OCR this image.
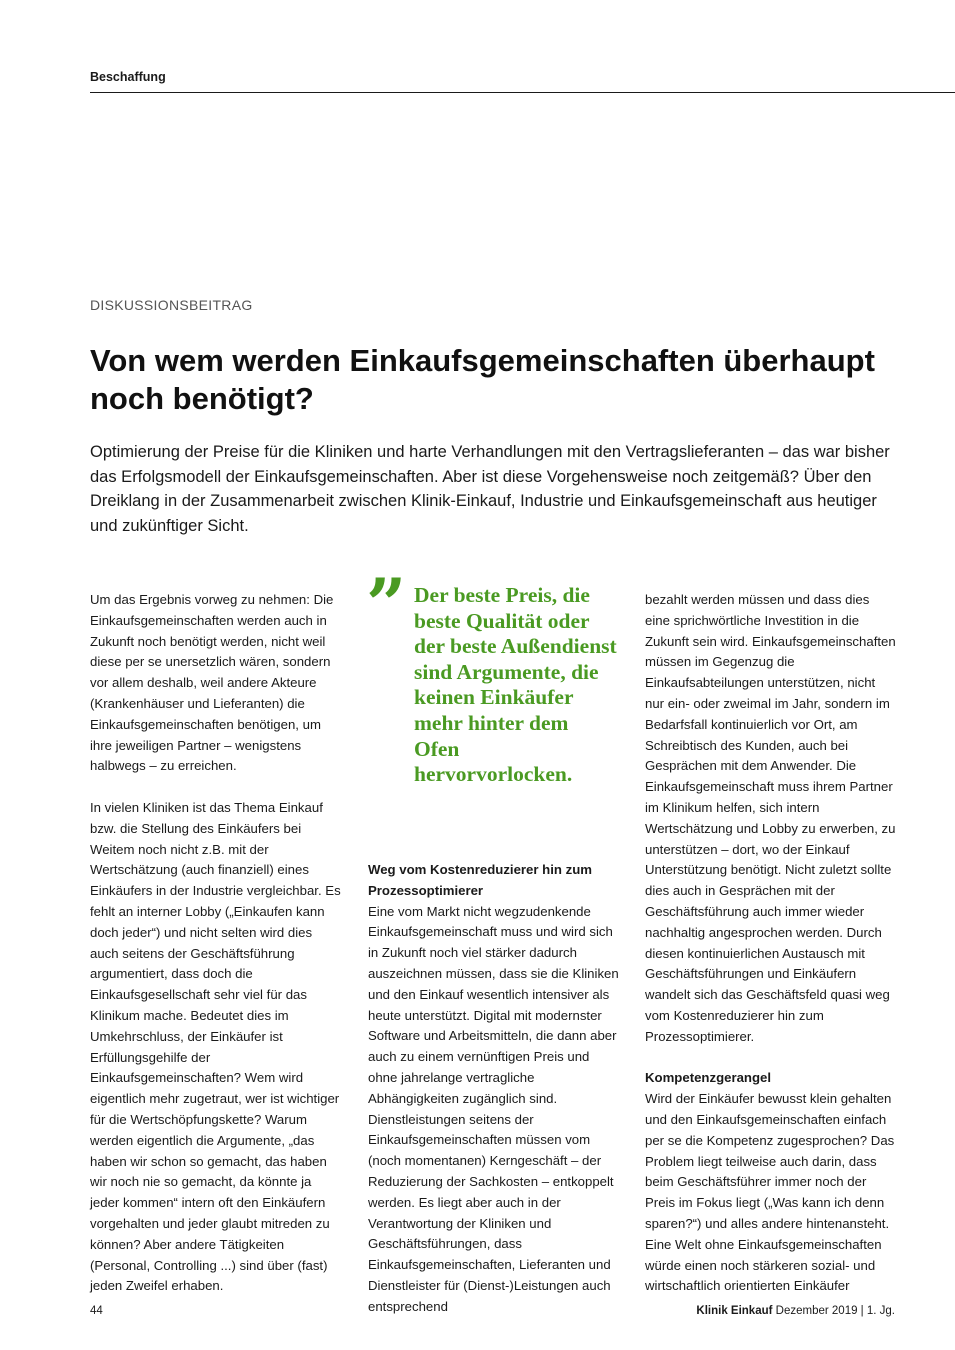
Beschaffung
DISKUSSIONSBEITRAG
Von wem werden Einkaufsgemeinschaften überhaupt noch benötigt?

Optimierung der Preise für die Kliniken und harte Verhandlungen mit den Vertragslieferanten – das war bisher das Erfolgsmodell der Einkaufsgemeinschaften. Aber ist diese Vorgehensweise noch zeitgemäß? Über den Dreiklang in der Zusammenarbeit zwischen Klinik-Einkauf, Industrie und Einkaufsgemeinschaft aus heutiger und zukünftiger Sicht.

Um das Ergebnis vorweg zu nehmen: Die Einkaufsgemeinschaften werden auch in Zukunft noch benötigt werden, nicht weil diese per se unersetzlich wären, sondern vor allem deshalb, weil andere Akteure (Krankenhäuser und Lieferanten) die Einkaufsgemeinschaften benötigen, um ihre jeweiligen Partner – wenigstens halbwegs – zu erreichen.

In vielen Kliniken ist das Thema Einkauf bzw. die Stellung des Einkäufers bei Weitem noch nicht z.B. mit der Wertschätzung (auch finanziell) eines Einkäufers in der Industrie vergleichbar. Es fehlt an interner Lobby („Einkaufen kann doch jeder“) und nicht selten wird dies auch seitens der Geschäftsführung argumentiert, dass doch die Einkaufsgesellschaft sehr viel für das Klinikum mache. Bedeutet dies im Umkehrschluss, der Einkäufer ist Erfüllungsgehilfe der Einkaufsgemeinschaften? Wem wird eigentlich mehr zugetraut, wer ist wichtiger für die Wertschöpfungskette? Warum werden eigentlich die Argumente, „das haben wir schon so gemacht, das haben wir noch nie so gemacht, da könnte ja jeder kommen“ intern oft den Einkäufern vorgehalten und jeder glaubt mitreden zu können? Aber andere Tätigkeiten (Personal, Controlling ...) sind über (fast) jeden Zweifel erhaben.

” Der beste Preis, die beste Qualität oder der beste Außendienst sind Argumente, die keinen Einkäufer mehr hinter dem Ofen hervorvorlocken.

Weg vom Kostenreduzierer hin zum Prozessoptimierer

Eine vom Markt nicht wegzudenkende Einkaufsgemeinschaft muss und wird sich in Zukunft noch viel stärker dadurch auszeichnen müssen, dass sie die Kliniken und den Einkauf wesentlich intensiver als heute unterstützt. Digital mit modernster Software und Arbeitsmitteln, die dann aber auch zu einem vernünftigen Preis und ohne jahrelange vertragliche Abhängigkeiten zugänglich sind. Dienstleistungen seitens der Einkaufsgemeinschaften müssen vom (noch momentanen) Kerngeschäft – der Reduzierung der Sachkosten – entkoppelt werden. Es liegt aber auch in der Verantwortung der Kliniken und Geschäftsführungen, dass Einkaufsgemeinschaften, Lieferanten und Dienstleister für (Dienst-)Leistungen auch entsprechend

bezahlt werden müssen und dass dies eine sprichwörtliche Investition in die Zukunft sein wird. Einkaufsgemeinschaften müssen im Gegenzug die Einkaufsabteilungen unterstützen, nicht nur ein- oder zweimal im Jahr, sondern im Bedarfsfall kontinuierlich vor Ort, am Schreibtisch des Kunden, auch bei Gesprächen mit dem Anwender. Die Einkaufsgemeinschaft muss ihrem Partner im Klinikum helfen, sich intern Wertschätzung und Lobby zu erwerben, zu unterstützen – dort, wo der Einkauf Unterstützung benötigt. Nicht zuletzt sollte dies auch in Gesprächen mit der Geschäftsführung auch immer wieder nachhaltig angesprochen werden. Durch diesen kontinuierlichen Austausch mit Geschäftsführungen und Einkäufern wandelt sich das Geschäftsfeld quasi weg vom Kostenreduzierer hin zum Prozessoptimierer.

Kompetenzgerangel

Wird der Einkäufer bewusst klein gehalten und den Einkaufsgemeinschaften einfach per se die Kompetenz zugesprochen? Das Problem liegt teilweise auch darin, dass beim Geschäftsführer immer noch der Preis im Fokus liegt („Was kann ich denn sparen?“) und alles andere hintenansteht. Eine Welt ohne Einkaufsgemeinschaften würde einen noch stärkeren sozial- und wirtschaftlich orientierten Einkäufer

44	Klinik Einkauf Dezember 2019 | 1. Jg.
